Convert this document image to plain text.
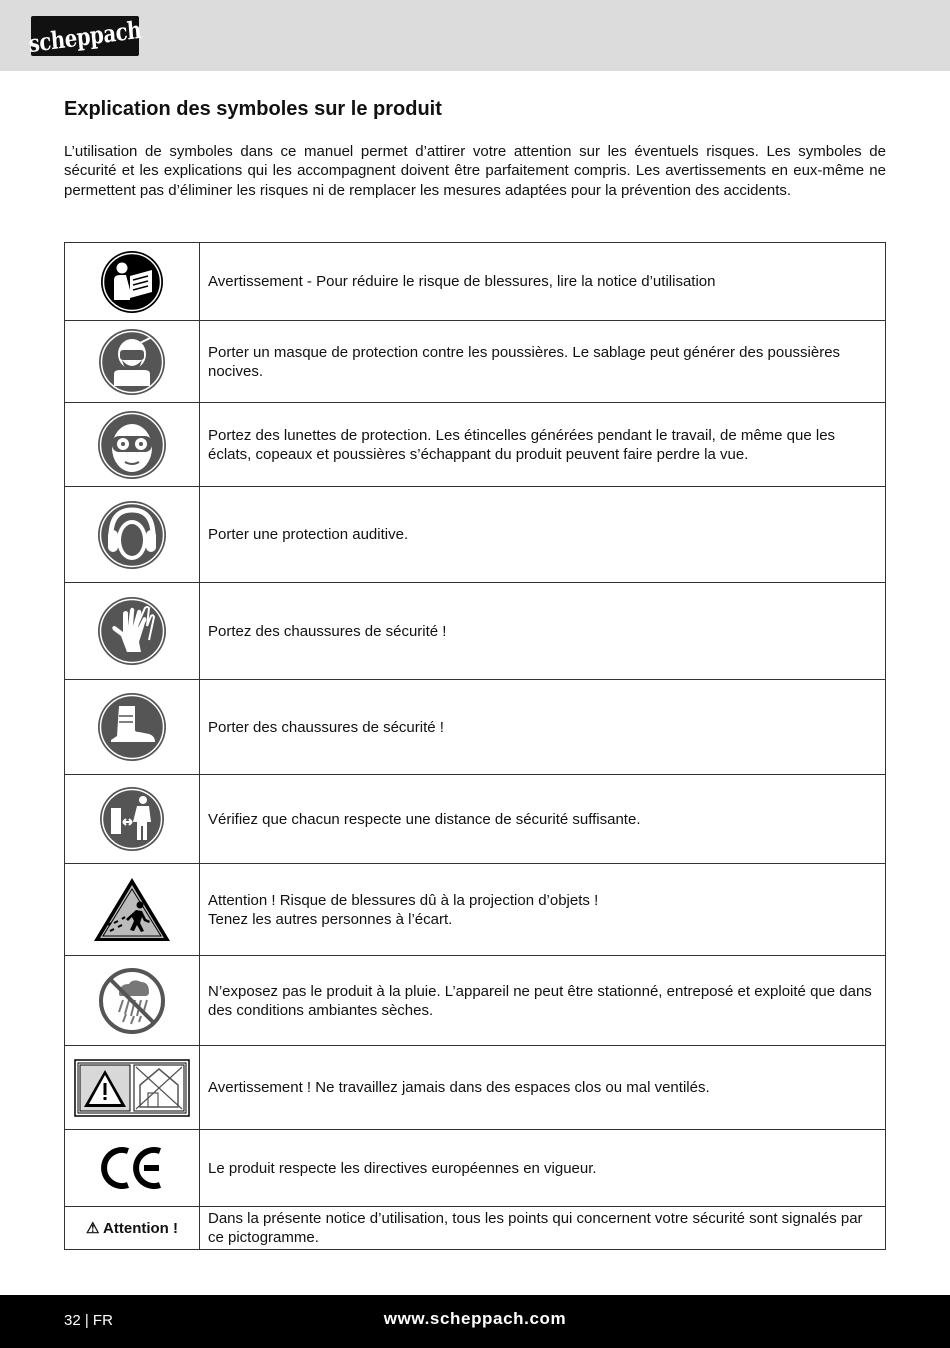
scheppach
Explication des symboles sur le produit

L’utilisation de symboles dans ce manuel permet d’attirer votre attention sur les éventuels risques. Les symboles de sécurité et les explications qui les accompagnent doivent être parfaitement compris. Les avertissements en eux-même ne permettent pas d’éliminer les risques ni de remplacer les mesures adaptées pour la prévention des accidents.

	Avertissement - Pour réduire le risque de blessures, lire la notice d’utilisation

	Porter un masque de protection contre les poussières. Le sablage peut générer des poussières nocives.

	Portez des lunettes de protection. Les étincelles générées pendant le travail, de même que les éclats, copeaux et poussières s’échappant du produit peuvent faire perdre la vue.

	Porter une protection auditive.

	Portez des chaussures de sécurité !

	Porter des chaussures de sécurité !

	Vérifiez que chacun respecte une distance de sécurité suffisante.

	Attention ! Risque de blessures dû à la projection d’objets !
Tenez les autres personnes à l’écart.

	N’exposez pas le produit à la pluie. L’appareil ne peut être stationné, entreposé et exploité que dans des conditions ambiantes sèches.

	Avertissement ! Ne travaillez jamais dans des espaces clos ou mal ventilés.

	Le produit respecte les directives européennes en vigueur.
⚠ Attention !	Dans la présente notice d’utilisation, tous les points qui concernent votre sécurité sont signalés par ce pictogramme.
32 | FR	www.scheppach.com
